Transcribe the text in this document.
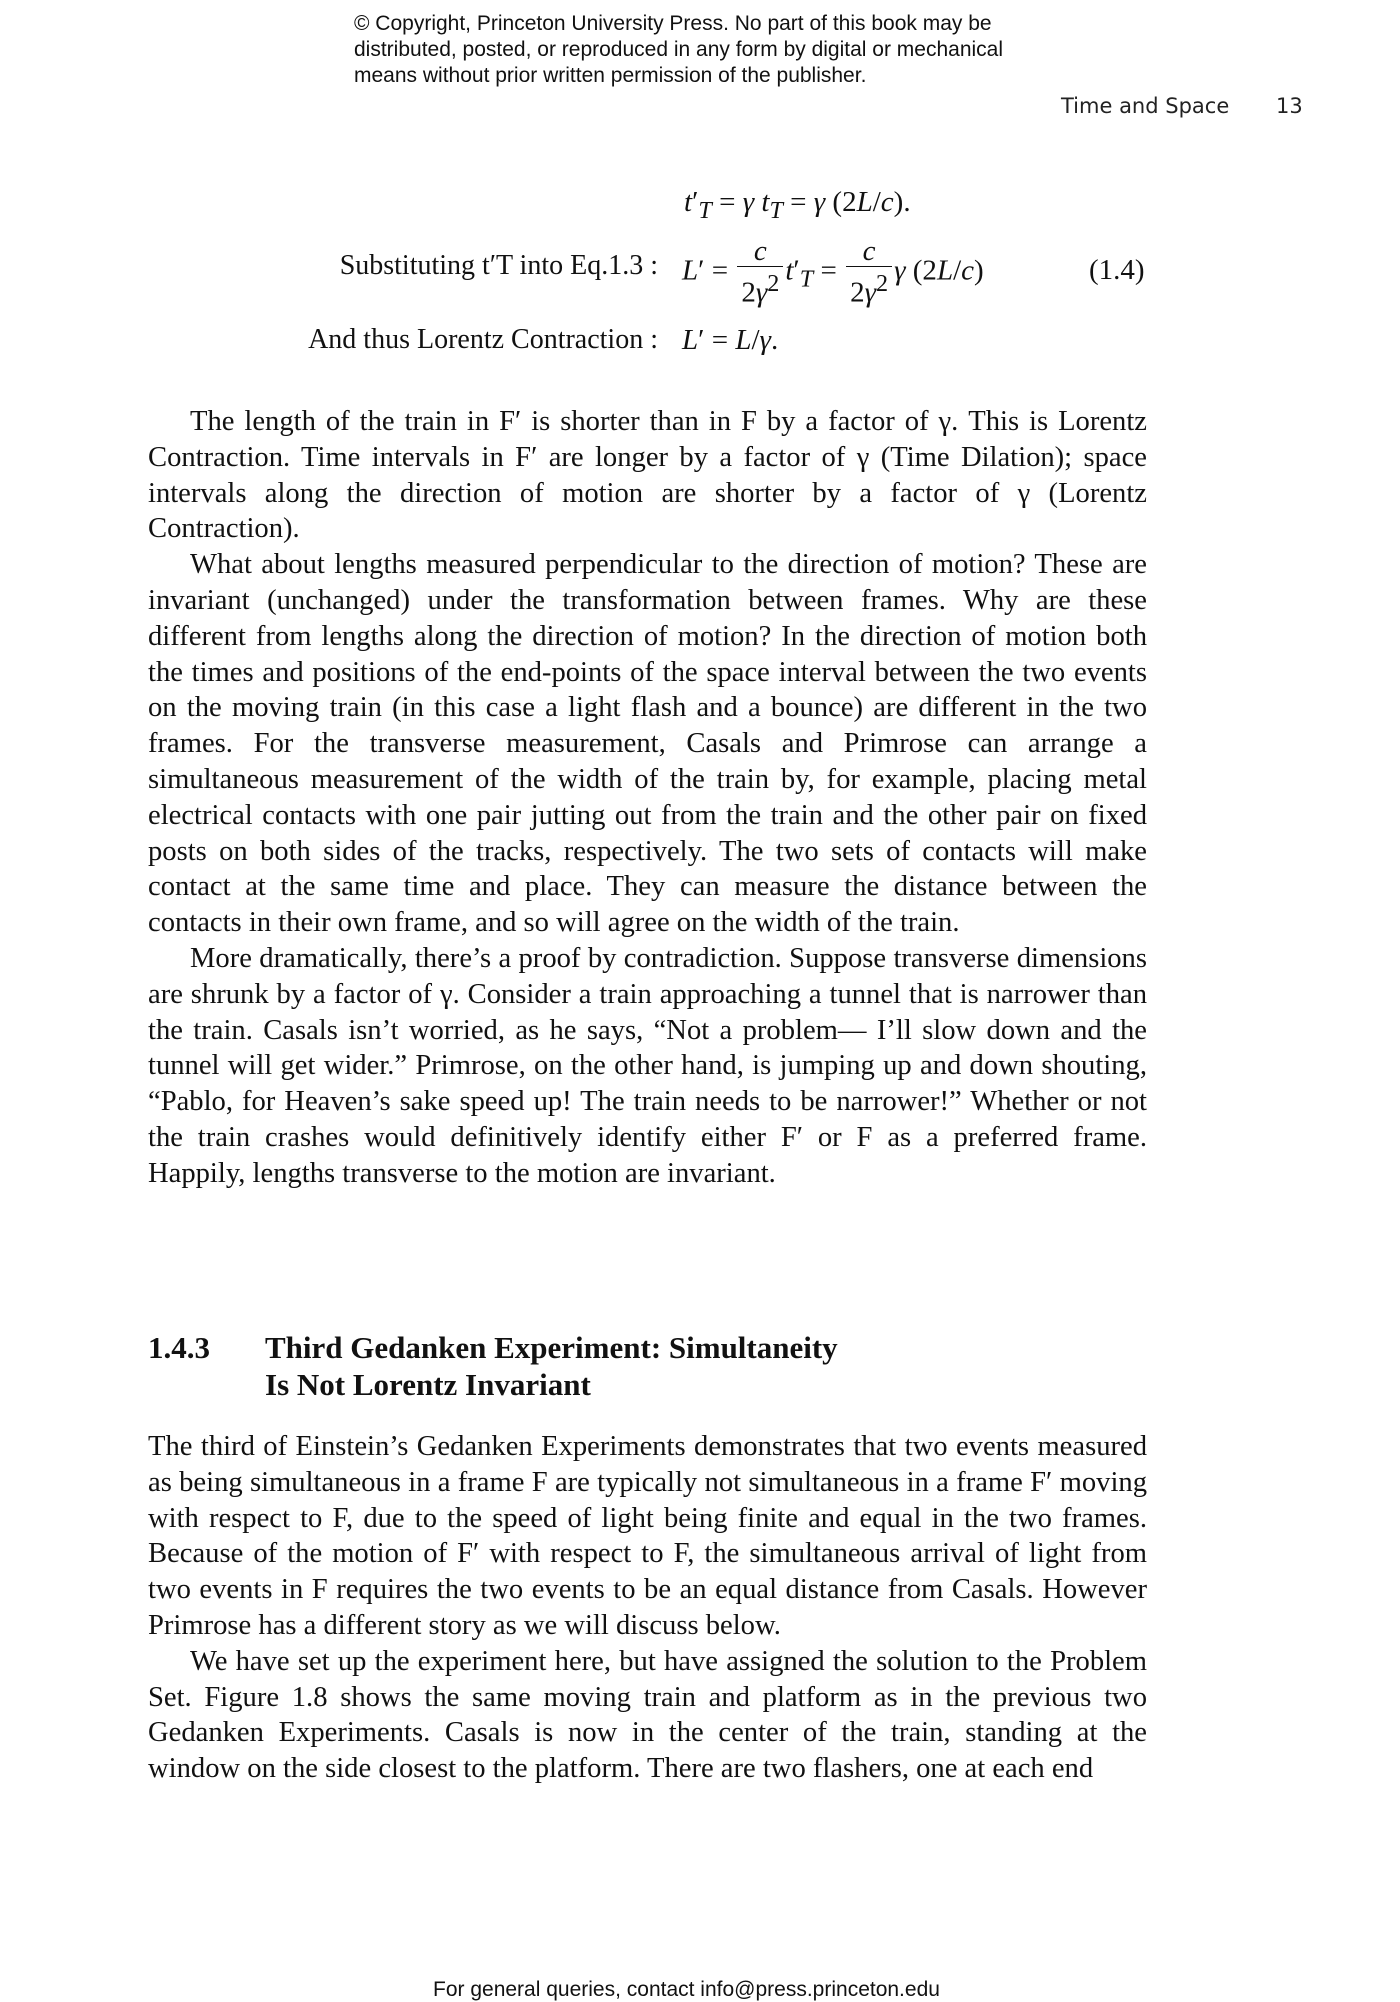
© Copyright, Princeton University Press. No part of this book may be
distributed, posted, or reproduced in any form by digital or mechanical
means without prior written permission of the publisher.
Time and Space 13
$t'_T = \gamma$ $t_T = \gamma$ (2L/c).
Substituting t′T into Eq.1.3 : $L' = \frac{c}{2\gamma^2} t'_T = \frac{c}{2\gamma^2}$ γ (2L/c)	(1.4)
And thus Lorentz Contraction : L′ = L/γ.

The length of the train in F′ is shorter than in F by a factor of γ. This is Lorentz Contraction. Time intervals in F′ are longer by a factor of γ (Time Dilation); space intervals along the direction of motion are shorter by a factor of γ (Lorentz Contraction).

What about lengths measured perpendicular to the direction of motion? These are invariant (unchanged) under the transformation between frames. Why are these different from lengths along the direction of motion? In the direction of motion both the times and positions of the end-points of the space interval between the two events on the moving train (in this case a light flash and a bounce) are different in the two frames. For the transverse measurement, Casals and Primrose can arrange a simultaneous measurement of the width of the train by, for example, placing metal electrical contacts with one pair jutting out from the train and the other pair on fixed posts on both sides of the tracks, respectively. The two sets of contacts will make contact at the same time and place. They can measure the distance between the contacts in their own frame, and so will agree on the width of the train.

More dramatically, there’s a proof by contradiction. Suppose transverse dimensions are shrunk by a factor of γ. Consider a train approaching a tunnel that is narrower than the train. Casals isn’t worried, as he says, “Not a problem— I’ll slow down and the tunnel will get wider.” Primrose, on the other hand, is jumping up and down shouting, “Pablo, for Heaven’s sake speed up! The train needs to be narrower!” Whether or not the train crashes would definitively identify either F′ or F as a preferred frame. Happily, lengths transverse to the motion are invariant.

1.4.3 Third Gedanken Experiment: Simultaneity
Is Not Lorentz Invariant

The third of Einstein’s Gedanken Experiments demonstrates that two events measured as being simultaneous in a frame F are typically not simultaneous in a frame F′ moving with respect to F, due to the speed of light being finite and equal in the two frames. Because of the motion of F′ with respect to F, the simultaneous arrival of light from two events in F requires the two events to be an equal distance from Casals. However Primrose has a different story as we will discuss below.

We have set up the experiment here, but have assigned the solution to the Problem Set. Figure 1.8 shows the same moving train and platform as in the previous two Gedanken Experiments. Casals is now in the center of the train, standing at the window on the side closest to the platform. There are two flashers, one at each end

For general queries, contact info@press.princeton.edu
